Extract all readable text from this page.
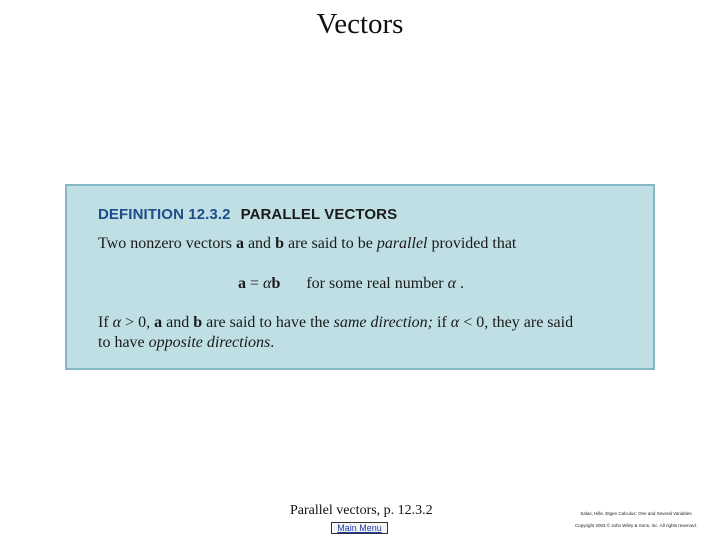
Vectors
DEFINITION 12.3.2 PARALLEL VECTORS
Two nonzero vectors a and b are said to be parallel provided that
a = αb for some real number α .
If α > 0, a and b are said to have the same direction; if α < 0, they are said
to have opposite directions.
Parallel vectors, p. 12.3.2
Main Menu
Salas, Hille, Etgen Calculus: One and Several Variables
Copyright 2003 © John Wiley & Sons, Inc. All rights reserved.
